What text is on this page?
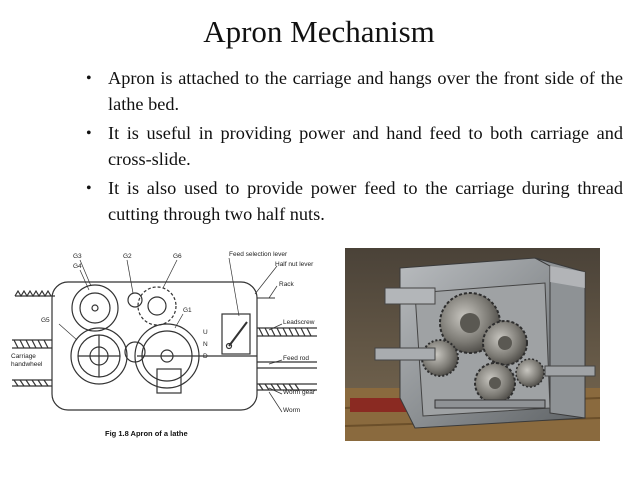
Apron Mechanism
• Apron is attached to the carriage and hangs over the front side of the lathe bed.
• It is useful in providing power and hand feed to both carriage and cross-slide.
• It is also used to provide power feed to the carriage during thread cutting through two half nuts.
G3
G4
G2	G6
G5
G1
Feed selection lever
Half nut lever
Rack
Leadscrew
Feed rod
Worm gear
Worm
Carriage
handwheel
U
N
D
Fig 1.8 Apron of a lathe
